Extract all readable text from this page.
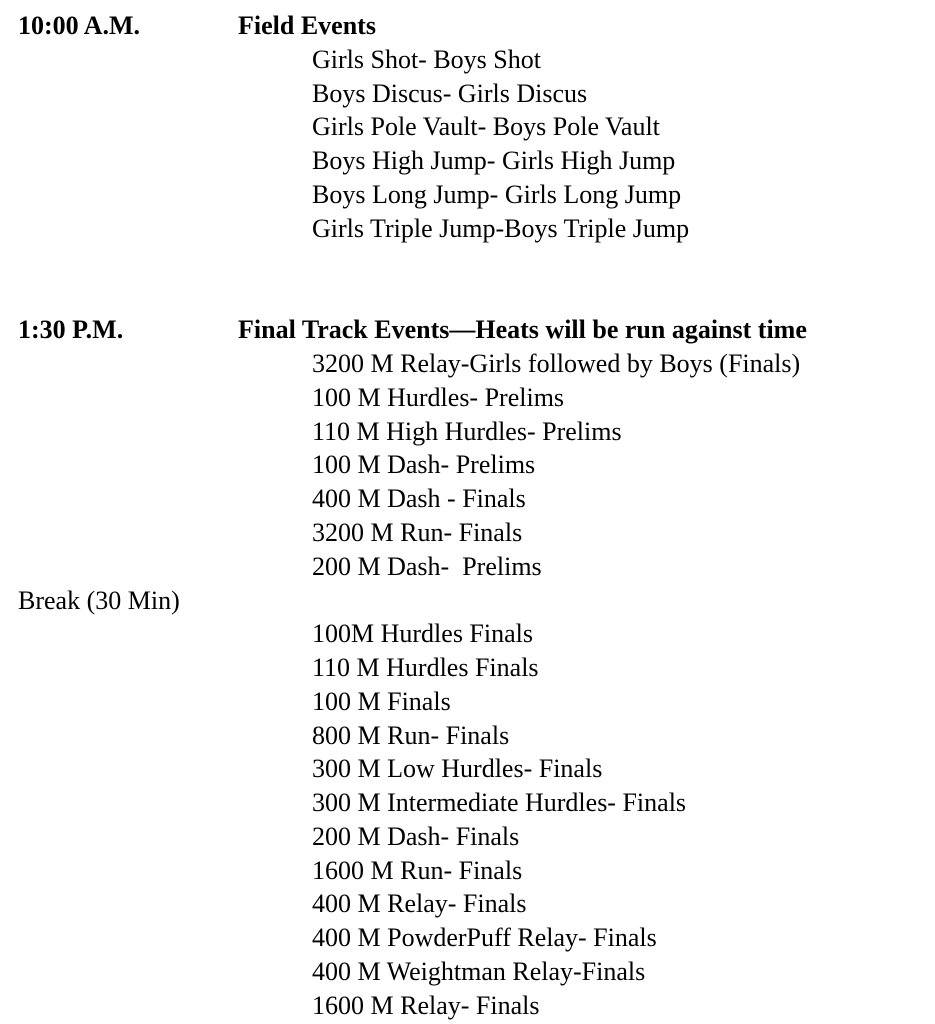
10:00 A.M.	Field Events
Girls Shot- Boys Shot
Boys Discus- Girls Discus
Girls Pole Vault- Boys Pole Vault
Boys High Jump- Girls High Jump
Boys Long Jump- Girls Long Jump
Girls Triple Jump-Boys Triple Jump
1:30 P.M.	Final Track Events—Heats will be run against time
3200 M Relay-Girls followed by Boys (Finals)
100 M Hurdles- Prelims
110 M High Hurdles- Prelims
100 M Dash- Prelims
400 M Dash - Finals
3200 M Run- Finals
200 M Dash-  Prelims
Break (30 Min)
100M Hurdles Finals
110 M Hurdles Finals
100 M Finals
800 M Run- Finals
300 M Low Hurdles- Finals
300 M Intermediate Hurdles- Finals
200 M Dash- Finals
1600 M Run- Finals
400 M Relay- Finals
400 M PowderPuff Relay- Finals
400 M Weightman Relay-Finals
1600 M Relay- Finals
